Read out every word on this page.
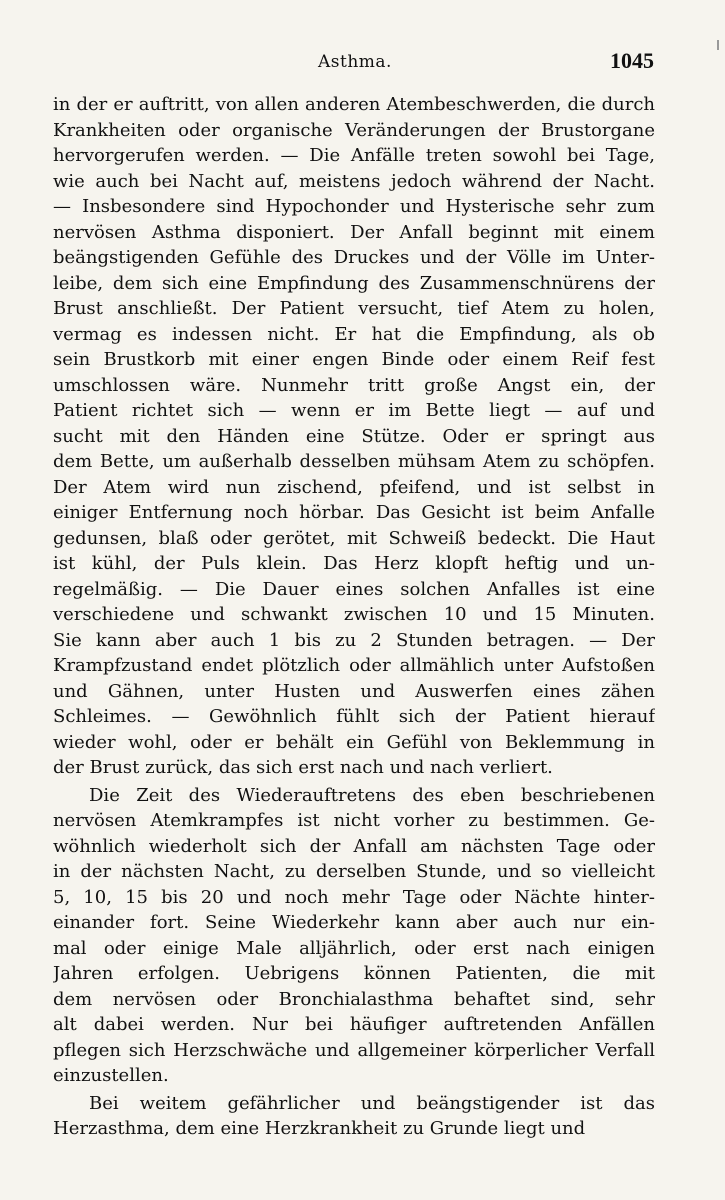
Asthma.	1045
in der er auftritt, von allen anderen Atembeschwerden, die durch
Krankheiten oder organische Veränderungen der Brustorgane
hervorgerufen werden. — Die Anfälle treten sowohl bei Tage,
wie auch bei Nacht auf, meistens jedoch während der Nacht.
— Insbesondere sind Hypochonder und Hysterische sehr zum
nervösen Asthma disponiert. Der Anfall beginnt mit einem
beängstigenden Gefühle des Druckes und der Völle im Unter-
leibe, dem sich eine Empfindung des Zusammenschnürens der
Brust anschließt. Der Patient versucht, tief Atem zu holen,
vermag es indessen nicht. Er hat die Empfindung, als ob
sein Brustkorb mit einer engen Binde oder einem Reif fest
umschlossen wäre. Nunmehr tritt große Angst ein, der
Patient richtet sich — wenn er im Bette liegt — auf und
sucht mit den Händen eine Stütze. Oder er springt aus
dem Bette, um außerhalb desselben mühsam Atem zu schöpfen.
Der Atem wird nun zischend, pfeifend, und ist selbst in
einiger Entfernung noch hörbar. Das Gesicht ist beim Anfalle
gedunsen, blaß oder gerötet, mit Schweiß bedeckt. Die Haut
ist kühl, der Puls klein. Das Herz klopft heftig und un-
regelmäßig. — Die Dauer eines solchen Anfalles ist eine
verschiedene und schwankt zwischen 10 und 15 Minuten.
Sie kann aber auch 1 bis zu 2 Stunden betragen. — Der
Krampfzustand endet plötzlich oder allmählich unter Aufstoßen
und Gähnen, unter Husten und Auswerfen eines zähen
Schleimes. — Gewöhnlich fühlt sich der Patient hierauf
wieder wohl, oder er behält ein Gefühl von Beklemmung in
der Brust zurück, das sich erst nach und nach verliert.
Die Zeit des Wiederauftretens des eben beschriebenen
nervösen Atemkrampfes ist nicht vorher zu bestimmen. Ge-
wöhnlich wiederholt sich der Anfall am nächsten Tage oder
in der nächsten Nacht, zu derselben Stunde, und so vielleicht
5, 10, 15 bis 20 und noch mehr Tage oder Nächte hinter-
einander fort. Seine Wiederkehr kann aber auch nur ein-
mal oder einige Male alljährlich, oder erst nach einigen
Jahren erfolgen. Uebrigens können Patienten, die mit
dem nervösen oder Bronchialasthma behaftet sind, sehr
alt dabei werden. Nur bei häufiger auftretenden Anfällen
pflegen sich Herzschwäche und allgemeiner körperlicher Verfall
einzustellen.
Bei weitem gefährlicher und beängstigender ist das
Herzasthma, dem eine Herzkrankheit zu Grunde liegt und
